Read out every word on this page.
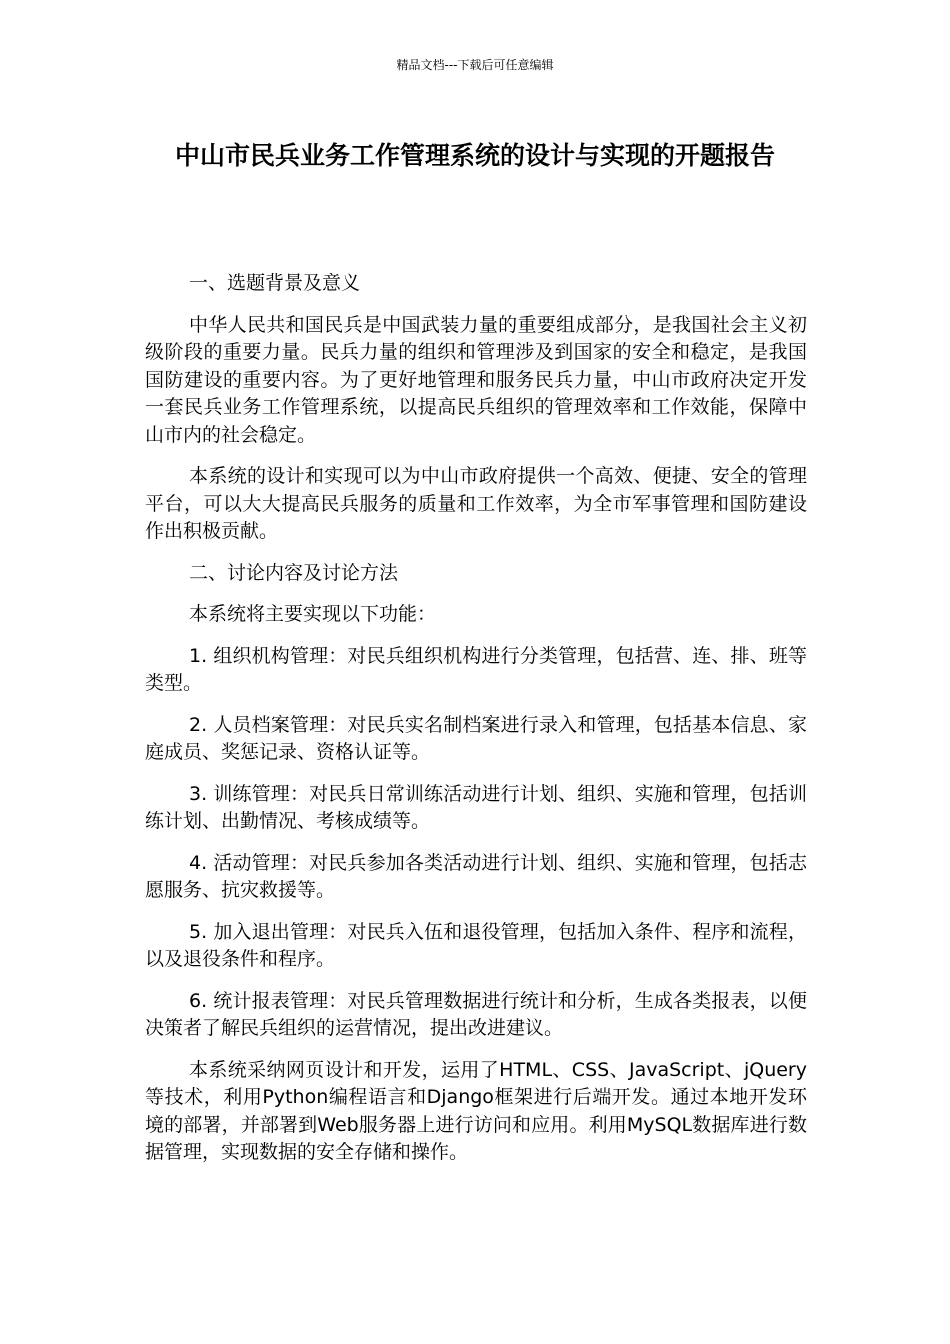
精品文档---下载后可任意编辑
中山市民兵业务工作管理系统的设计与实现的开题报告

一、选题背景及意义

中华人民共和国民兵是中国武装力量的重要组成部分，是我国社会主义初级阶段的重要力量。民兵力量的组织和管理涉及到国家的安全和稳定，是我国国防建设的重要内容。为了更好地管理和服务民兵力量，中山市政府决定开发一套民兵业务工作管理系统，以提高民兵组织的管理效率和工作效能，保障中山市内的社会稳定。

本系统的设计和实现可以为中山市政府提供一个高效、便捷、安全的管理平台，可以大大提高民兵服务的质量和工作效率，为全市军事管理和国防建设作出积极贡献。

二、讨论内容及讨论方法

本系统将主要实现以下功能：

1. 组织机构管理：对民兵组织机构进行分类管理，包括营、连、排、班等类型。

2. 人员档案管理：对民兵实名制档案进行录入和管理，包括基本信息、家庭成员、奖惩记录、资格认证等。

3. 训练管理：对民兵日常训练活动进行计划、组织、实施和管理，包括训练计划、出勤情况、考核成绩等。

4. 活动管理：对民兵参加各类活动进行计划、组织、实施和管理，包括志愿服务、抗灾救援等。

5. 加入退出管理：对民兵入伍和退役管理，包括加入条件、程序和流程，以及退役条件和程序。

6. 统计报表管理：对民兵管理数据进行统计和分析，生成各类报表，以便决策者了解民兵组织的运营情况，提出改进建议。

本系统采纳网页设计和开发，运用了HTML、CSS、JavaScript、jQuery等技术，利用Python编程语言和Django框架进行后端开发。通过本地开发环境的部署，并部署到Web服务器上进行访问和应用。利用MySQL数据库进行数据管理，实现数据的安全存储和操作。
